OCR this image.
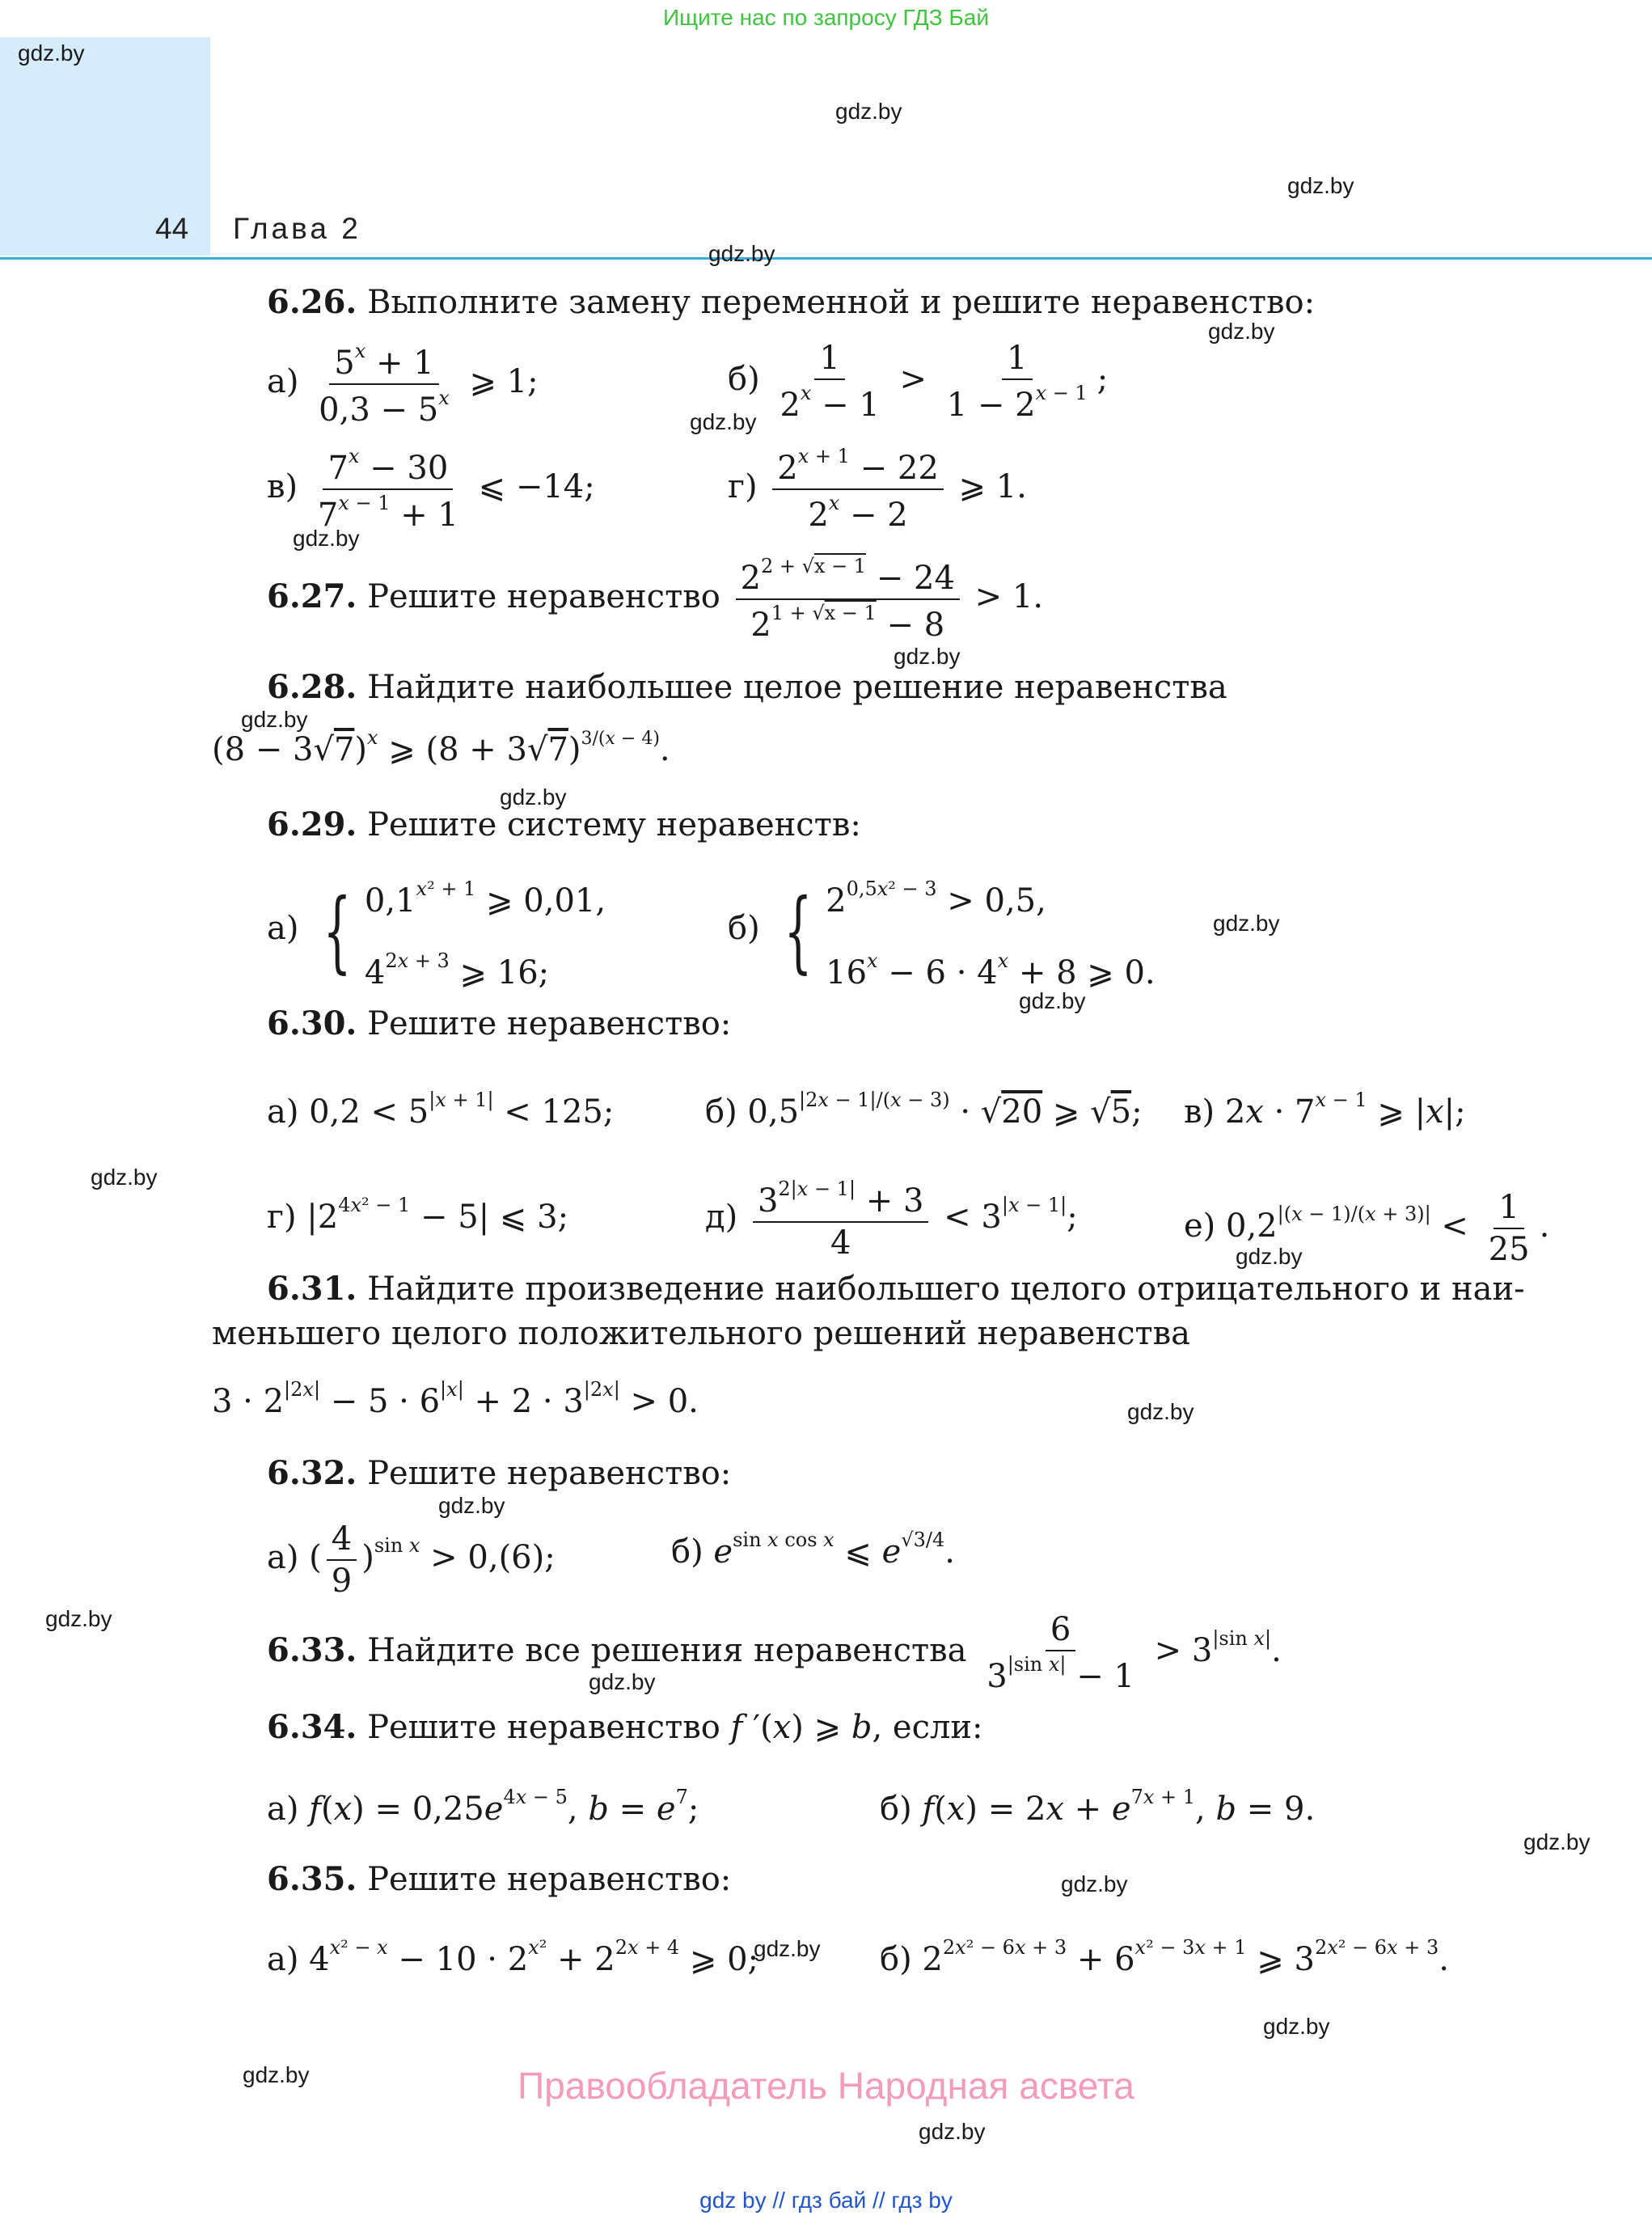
Ищите нас по запросу ГДЗ Бай
gdz.by
gdz.by
gdz.by
44 Глава 2
gdz.by
6.26. Выполните замену переменной и решите неравенство:
gdz.by
$а) \frac{5^x + 1}{0,3 - 5^x}$ ⩾ 1;	$б) \frac{1}{2^x - 1} > \frac{1}{1 - 2^{x - 1}}$ ;
gdz.by
$в) \frac{7^x - 30}{7^{x - 1} + 1}$ ⩽ −14;	$г) \frac{2^{x + 1} - 22}{2^x - 2}$ ⩾ 1.
gdz.by
6.27. Решите неравенство $\frac{2^{2 + √x - 1} - 24}{2^{1 + √x - 1} - 8} > 1$.
gdz.by
6.28. Найдите наибольшее целое решение неравенства
gdz.by
$(8 - 3√7)^x$ ⩾ $(8 + 3√7)^{3/(x - 4)}$.
gdz.by
6.29. Решите систему неравенств:
а) { $0,1^{x^2 + 1}$ ⩾ 0,01,
$4^{2x + 3}$ ⩾ 16;
б) { $2^{0,5x^2 - 3} > 0,5$,
$16^x - 6 \cdot 4^x + 8$ ⩾ 0.
gdz.by
gdz.by
6.30. Решите неравенство:
а) $0,2 < 5^{|x + 1|} < 125$;	б) $0,5^{|2x - 1|/(x - 3)} \cdot √20$ ⩾ √5; в) $2x \cdot 7^{x - 1}$ ⩾ |x|;
gdz.by
г) $|2^{4x^2 - 1} - 5|$ ⩽ 3;	$д) \frac{3^{2|x - 1|} + 3}{4} < 3^{|x - 1|}$;	е) $0,2^{|(x - 1)/(x + 3)|} < \frac{1}{25}$ .
gdz.by
6.31. Найдите произведение наибольшего целого отрицательного и наи-
меньшего целого положительного решений неравенства
$3 \cdot 2^{|2x|} - 5 \cdot 6^{|x|} + 2 \cdot 3^{|2x|} > 0$.	gdz.by
6.32. Решите неравенство:
gdz.by
а) ( $\frac{4}{9} )^{sin x} > 0,(6)$;	б) $e^{sin x cos x}$ ⩽ $e^{√3/4}$.
gdz.by
6.33. Найдите все решения неравенства $\frac{6}{3^{|sin x|} - 1} > 3^{|sin x|}$.
gdz.by
6.34. Решите неравенство f ′(x) ⩾ b, если:
а) $f(x) = 0,25e^{4x - 5}$, $b = e^7$;	б) $f(x) = 2x + e^{7x + 1}$, b = 9.
gdz.by
6.35. Решите неравенство:	gdz.by
а) $4^{x^2 - x} - 10 \cdot 2^{x^2} + 2^{2x + 4}$ ⩾ 0;
gdz.by б) $2^{2x^2 - 6x + 3} + 6^{x^2 - 3x + 1}$ ⩾ $3^{2x^2 - 6x + 3}$.
gdz.by
gdz.by	Правообладатель Народная асвета
gdz.by
gdz by // гдз бай // гдз by
